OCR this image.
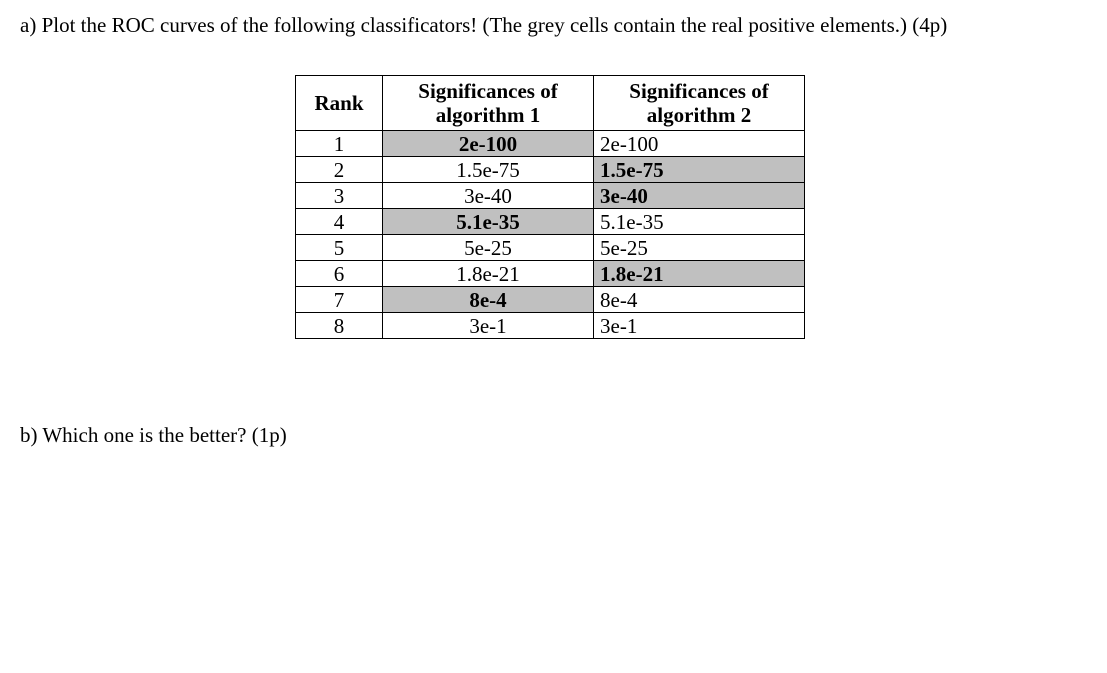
a) Plot the ROC curves of the following classificators! (The grey cells contain the real positive elements.) (4p)

Rank	Significances of algorithm 1	Significances of algorithm 2
1	2e-100	2e-100
2	1.5e-75	1.5e-75
3	3e-40	3e-40
4	5.1e-35	5.1e-35
5	5e-25	5e-25
6	1.8e-21	1.8e-21
7	8e-4	8e-4
8	3e-1	3e-1

b) Which one is the better? (1p)
